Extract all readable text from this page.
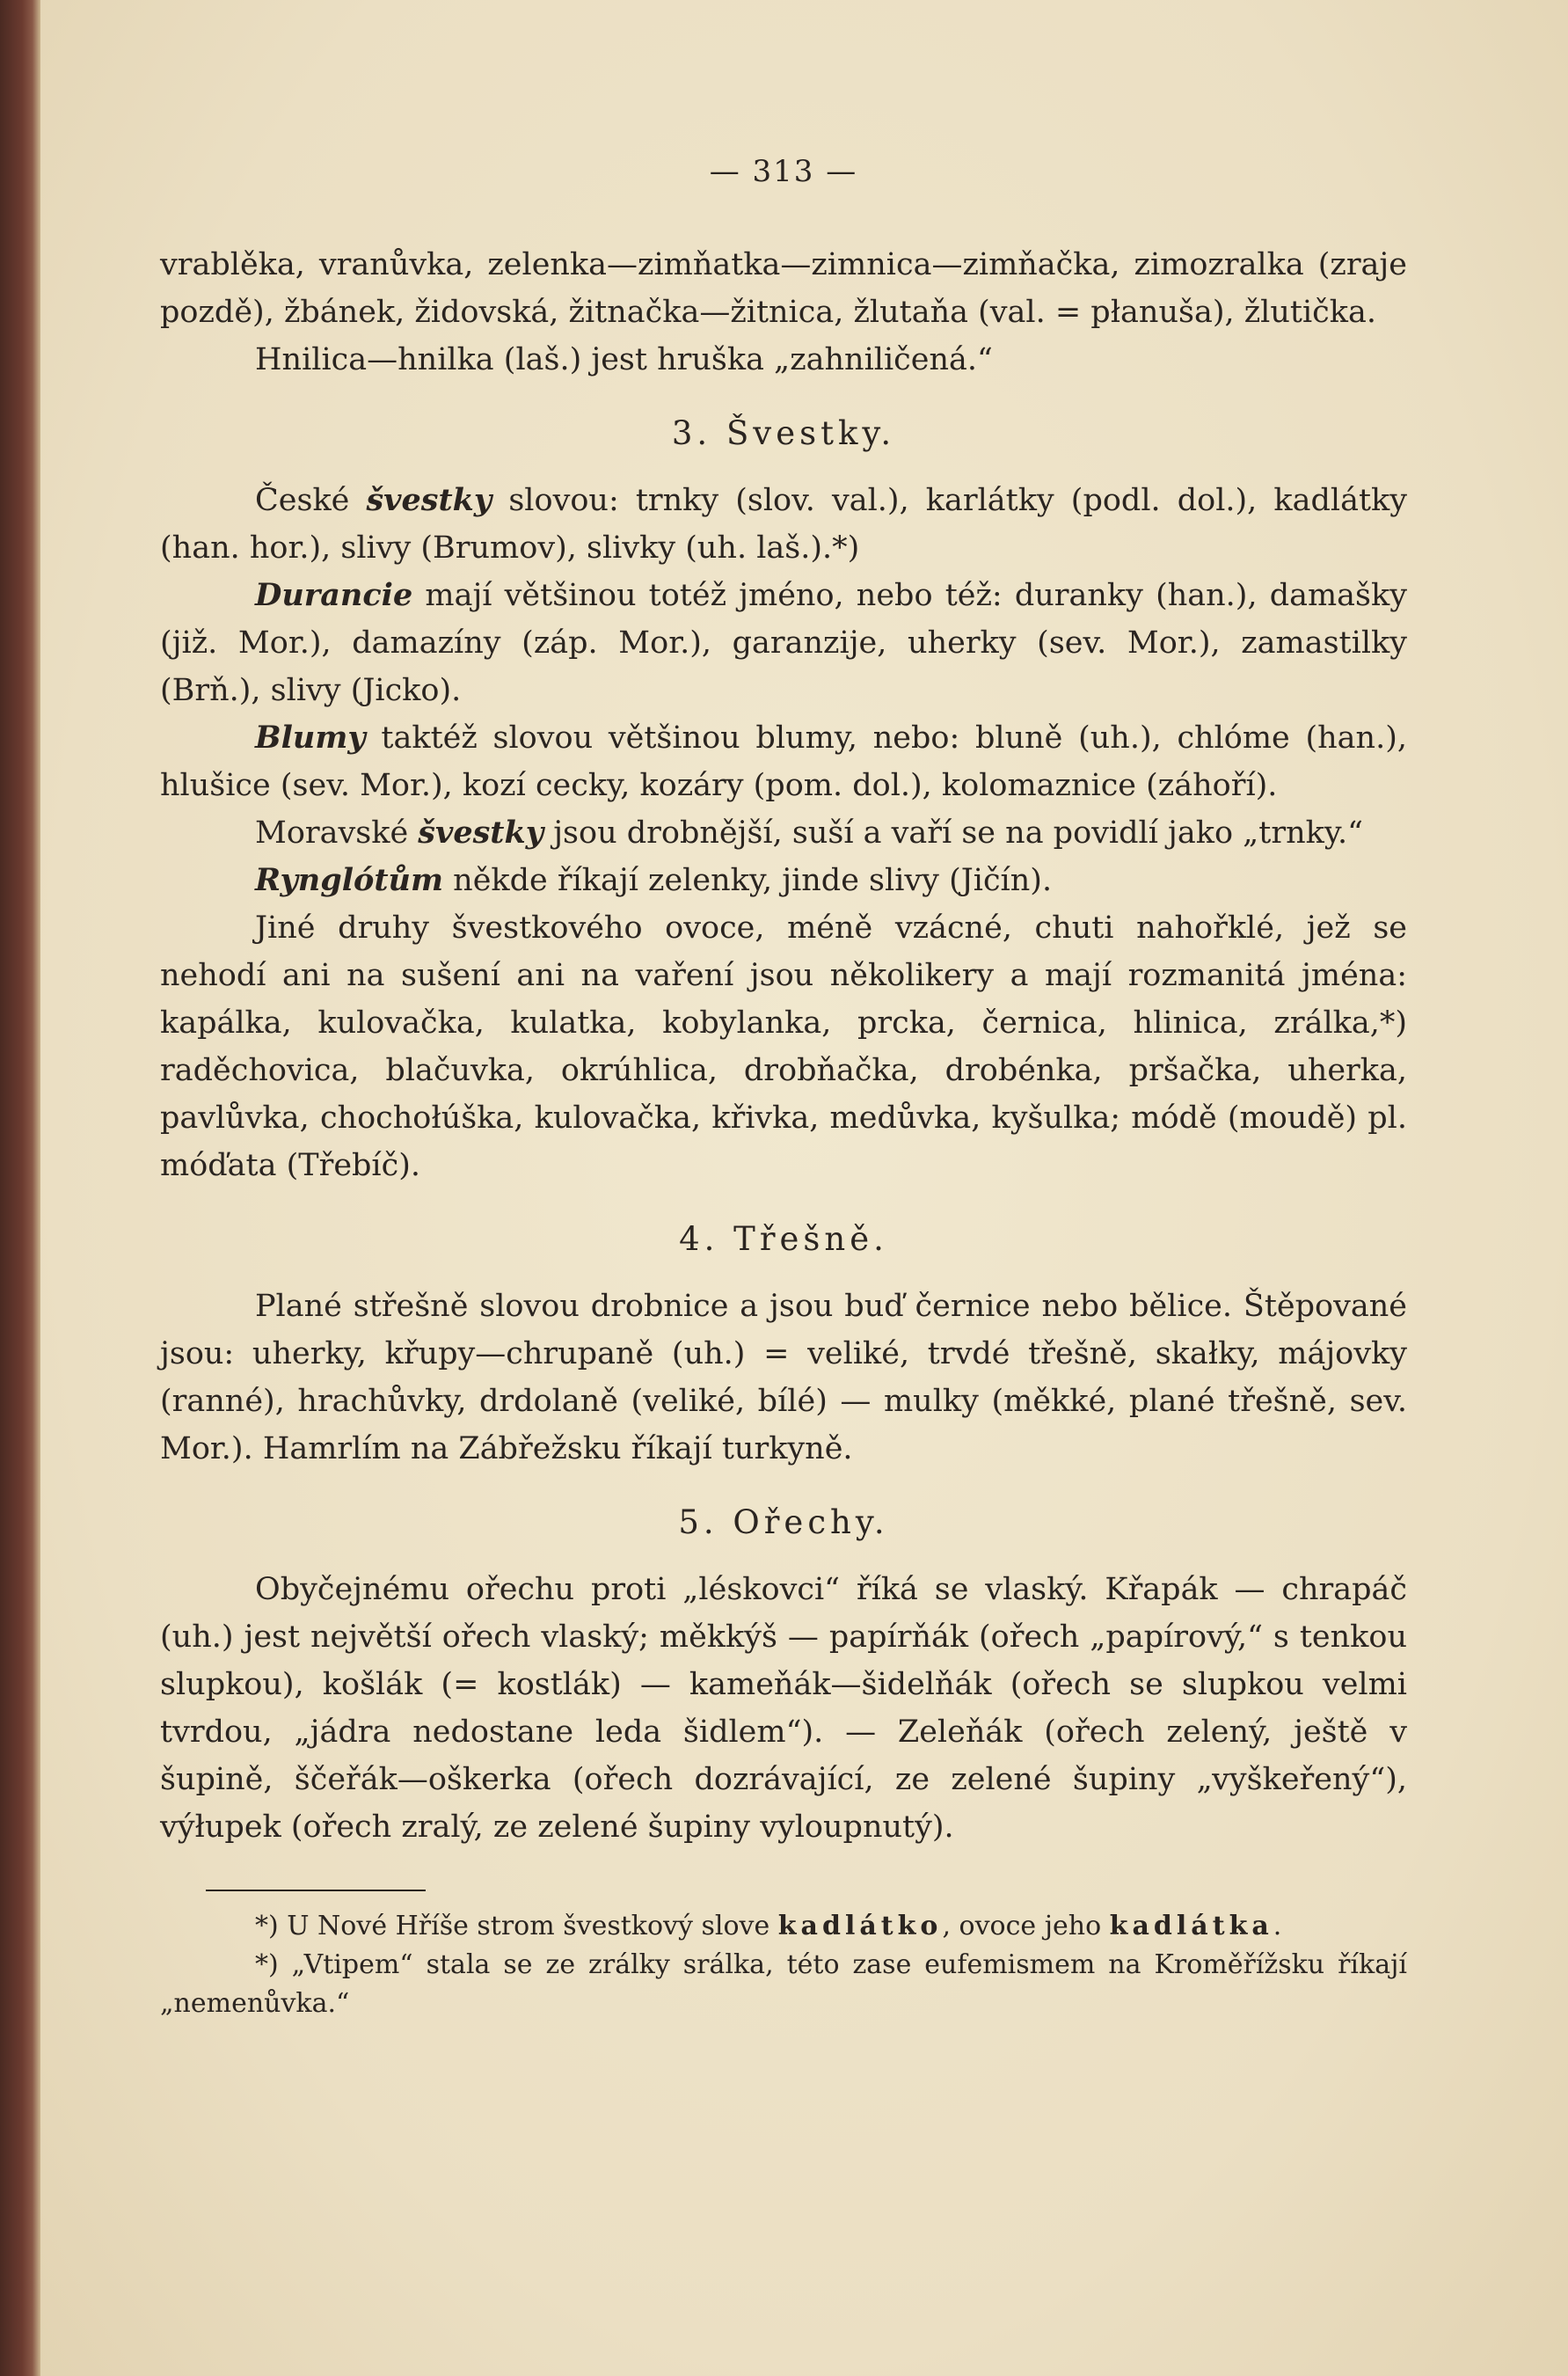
— 313 —

vrablěka, vranůvka, zelenka—zimňatka—zimnica—zimňačka, zimozralka (zraje pozdě), žbánek, židovská, žitnačka—žitnica, žlutaňa (val. = płanuša), žlutička.

Hnilica—hnilka (laš.) jest hruška „zahniličená.“

3. Švestky.

České švestky slovou: trnky (slov. val.), karlátky (podl. dol.), kadlátky (han. hor.), slivy (Brumov), slivky (uh. laš.).*)

Durancie mají většinou totéž jméno, nebo též: duranky (han.), damašky (již. Mor.), damazíny (záp. Mor.), garanzije, uherky (sev. Mor.), zamastilky (Brň.), slivy (Jicko).

Blumy taktéž slovou většinou blumy, nebo: bluně (uh.), chlóme (han.), hlušice (sev. Mor.), kozí cecky, kozáry (pom. dol.), kolomaznice (záhoří).

Moravské švestky jsou drobnější, suší a vaří se na povidlí jako „trnky.“

Rynglótům někde říkají zelenky, jinde slivy (Jičín).

Jiné druhy švestkového ovoce, méně vzácné, chuti nahořklé, jež se nehodí ani na sušení ani na vaření jsou několikery a mají rozmanitá jména: kapálka, kulovačka, kulatka, kobylanka, prcka, černica, hlinica, zrálka,*) raděchovica, blačuvka, okrúhlica, drobňačka, drobénka, pršačka, uherka, pavlůvka, chochołúška, kulovačka, křivka, medůvka, kyšulka; módě (moudě) pl. móďata (Třebíč).

4. Třešně.

Plané střešně slovou drobnice a jsou buď černice nebo bělice. Štěpované jsou: uherky, křupy—chrupaně (uh.) = veliké, trvdé třešně, skałky, májovky (ranné), hrachůvky, drdolaně (veliké, bílé) — mulky (měkké, plané třešně, sev. Mor.). Hamrlím na Zábřežsku říkají turkyně.

5. Ořechy.

Obyčejnému ořechu proti „léskovci“ říká se vlaský. Křapák — chrapáč (uh.) jest největší ořech vlaský; měkkýš — papírňák (ořech „papírový,“ s tenkou slupkou), košlák (= kostlák) — kameňák—šidelňák (ořech se slupkou velmi tvrdou, „jádra nedostane leda šidlem“). — Zeleňák (ořech zelený, ještě v šupině, ščeřák—oškerka (ořech dozrávající, ze zelené šupiny „vyškeřený“), výłupek (ořech zralý, ze zelené šupiny vyloupnutý).

*) U Nové Hříše strom švestkový slove kadlátko, ovoce jeho kadlátka.

*) „Vtipem“ stala se ze zrálky srálka, této zase eufemismem na Kroměřížsku říkají „nemenůvka.“
